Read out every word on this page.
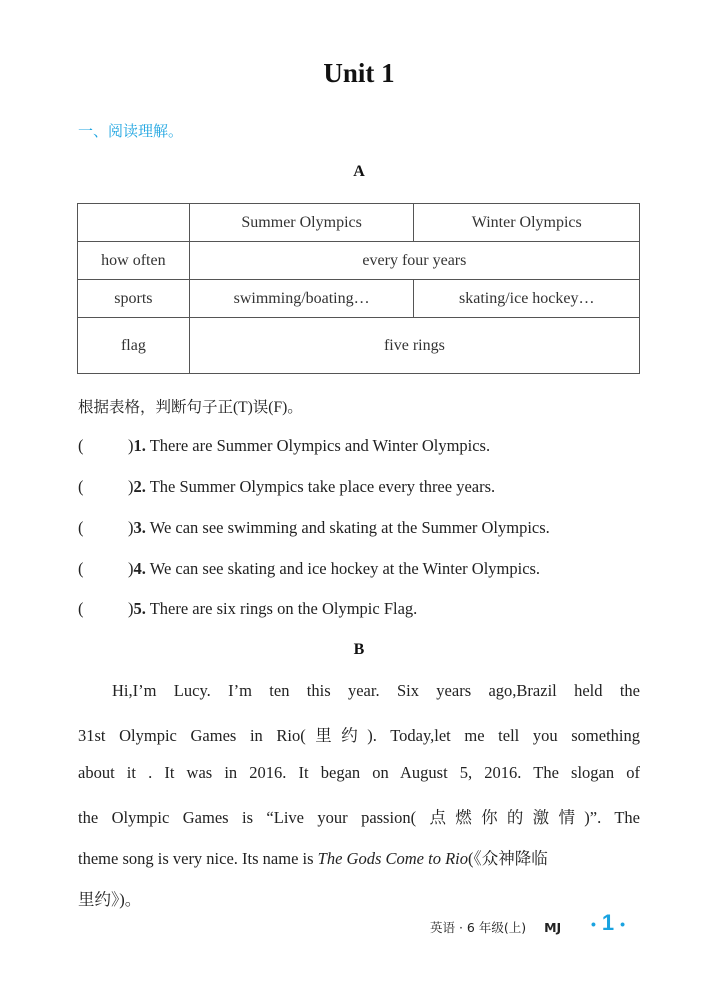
Unit 1
一、阅读理解。
A
	Summer Olympics	Winter Olympics
how often	every four years	
sports	swimming/boating…	skating/ice hockey…
flag	five rings	
根据表格，判断句子正(T)误(F)。
(	)1. There are Summer Olympics and Winter Olympics.
(	)2. The Summer Olympics take place every three years.
(	)3. We can see swimming and skating at the Summer Olympics.
(	)4. We can see skating and ice hockey at the Winter Olympics.
(	)5. There are six rings on the Olympic Flag.
B
Hi,I’m Lucy. I’m ten this year. Six years ago,Brazil held the
31st Olympic Games in Rio(里约). Today,let me tell you something
about it . It was in 2016. It began on August 5, 2016. The slogan of
the Olympic Games is “Live your passion( 点燃你的激情)”. The
theme song is very nice. Its name is The Gods Come to Rio(《众神降临
里约》)。
英语 · 6 年级(上) MJ	• 1 •
